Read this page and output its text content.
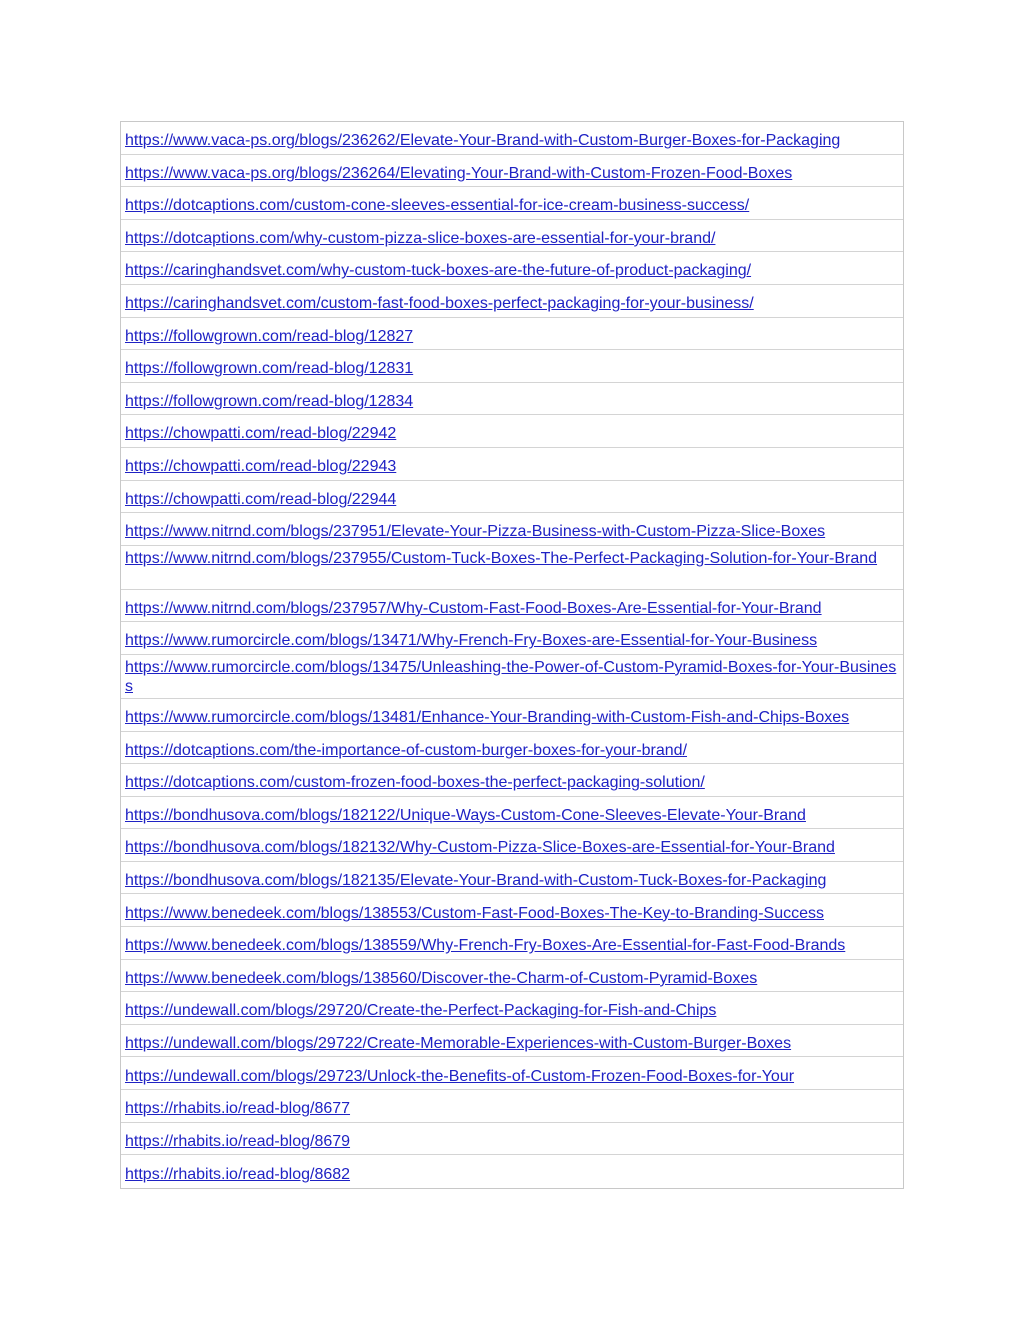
https://www.vaca-ps.org/blogs/236262/Elevate-Your-Brand-with-Custom-Burger-Boxes-for-Packaging
https://www.vaca-ps.org/blogs/236264/Elevating-Your-Brand-with-Custom-Frozen-Food-Boxes
https://dotcaptions.com/custom-cone-sleeves-essential-for-ice-cream-business-success/
https://dotcaptions.com/why-custom-pizza-slice-boxes-are-essential-for-your-brand/
https://caringhandsvet.com/why-custom-tuck-boxes-are-the-future-of-product-packaging/
https://caringhandsvet.com/custom-fast-food-boxes-perfect-packaging-for-your-business/
https://followgrown.com/read-blog/12827
https://followgrown.com/read-blog/12831
https://followgrown.com/read-blog/12834
https://chowpatti.com/read-blog/22942
https://chowpatti.com/read-blog/22943
https://chowpatti.com/read-blog/22944
https://www.nitrnd.com/blogs/237951/Elevate-Your-Pizza-Business-with-Custom-Pizza-Slice-Boxes
https://www.nitrnd.com/blogs/237955/Custom-Tuck-Boxes-The-Perfect-Packaging-Solution-for-Your-Brand
https://www.nitrnd.com/blogs/237957/Why-Custom-Fast-Food-Boxes-Are-Essential-for-Your-Brand
https://www.rumorcircle.com/blogs/13471/Why-French-Fry-Boxes-are-Essential-for-Your-Business
https://www.rumorcircle.com/blogs/13475/Unleashing-the-Power-of-Custom-Pyramid-Boxes-for-Your-Business
https://www.rumorcircle.com/blogs/13481/Enhance-Your-Branding-with-Custom-Fish-and-Chips-Boxes
https://dotcaptions.com/the-importance-of-custom-burger-boxes-for-your-brand/
https://dotcaptions.com/custom-frozen-food-boxes-the-perfect-packaging-solution/
https://bondhusova.com/blogs/182122/Unique-Ways-Custom-Cone-Sleeves-Elevate-Your-Brand
https://bondhusova.com/blogs/182132/Why-Custom-Pizza-Slice-Boxes-are-Essential-for-Your-Brand
https://bondhusova.com/blogs/182135/Elevate-Your-Brand-with-Custom-Tuck-Boxes-for-Packaging
https://www.benedeek.com/blogs/138553/Custom-Fast-Food-Boxes-The-Key-to-Branding-Success
https://www.benedeek.com/blogs/138559/Why-French-Fry-Boxes-Are-Essential-for-Fast-Food-Brands
https://www.benedeek.com/blogs/138560/Discover-the-Charm-of-Custom-Pyramid-Boxes
https://undewall.com/blogs/29720/Create-the-Perfect-Packaging-for-Fish-and-Chips
https://undewall.com/blogs/29722/Create-Memorable-Experiences-with-Custom-Burger-Boxes
https://undewall.com/blogs/29723/Unlock-the-Benefits-of-Custom-Frozen-Food-Boxes-for-Your
https://rhabits.io/read-blog/8677
https://rhabits.io/read-blog/8679
https://rhabits.io/read-blog/8682
